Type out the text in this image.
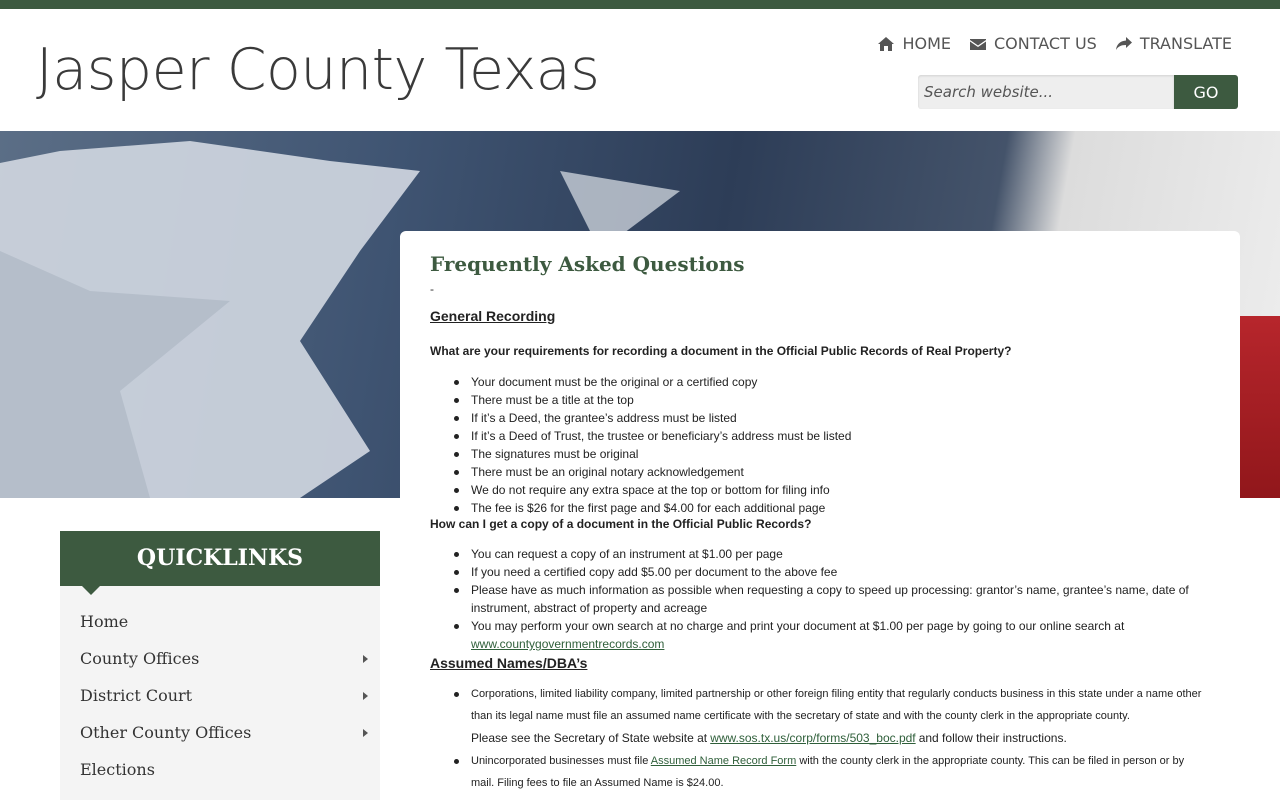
Jasper County Texas	HOME	CONTACT US	TRANSLATE
Search website...
GO
Frequently Asked Questions
-
General Recording
What are your requirements for recording a document in the Official Public Records of Real Property?
Your document must be the original or a certified copy
There must be a title at the top
If it’s a Deed, the grantee’s address must be listed
If it’s a Deed of Trust, the trustee or beneficiary’s address must be listed
The signatures must be original
There must be an original notary acknowledgement
We do not require any extra space at the top or bottom for filing info
The fee is $26 for the first page and $4.00 for each additional page
How can I get a copy of a document in the Official Public Records?
You can request a copy of an instrument at $1.00 per page
If you need a certified copy add $5.00 per document to the above fee
Please have as much information as possible when requesting a copy to speed up processing: grantor’s name, grantee’s name, date of instrument, abstract of property and acreage
You may perform your own search at no charge and print your document at $1.00 per page by going to our online search at
www.countygovernmentrecords.com
Assumed Names/DBA’s
Corporations, limited liability company, limited partnership or other foreign filing entity that regularly conducts business in this state under a name other than its legal name must file an assumed name certificate with the secretary of state and with the county clerk in the appropriate county.
Please see the Secretary of State website at www.sos.tx.us/corp/forms/503_boc.pdf and follow their instructions.
Unincorporated businesses must file Assumed Name Record Form with the county clerk in the appropriate county. This can be filed in person or by mail. Filing fees to file an Assumed Name is $24.00.
QUICKLINKS
Home
County Offices
District Court
Other County Offices
Elections
